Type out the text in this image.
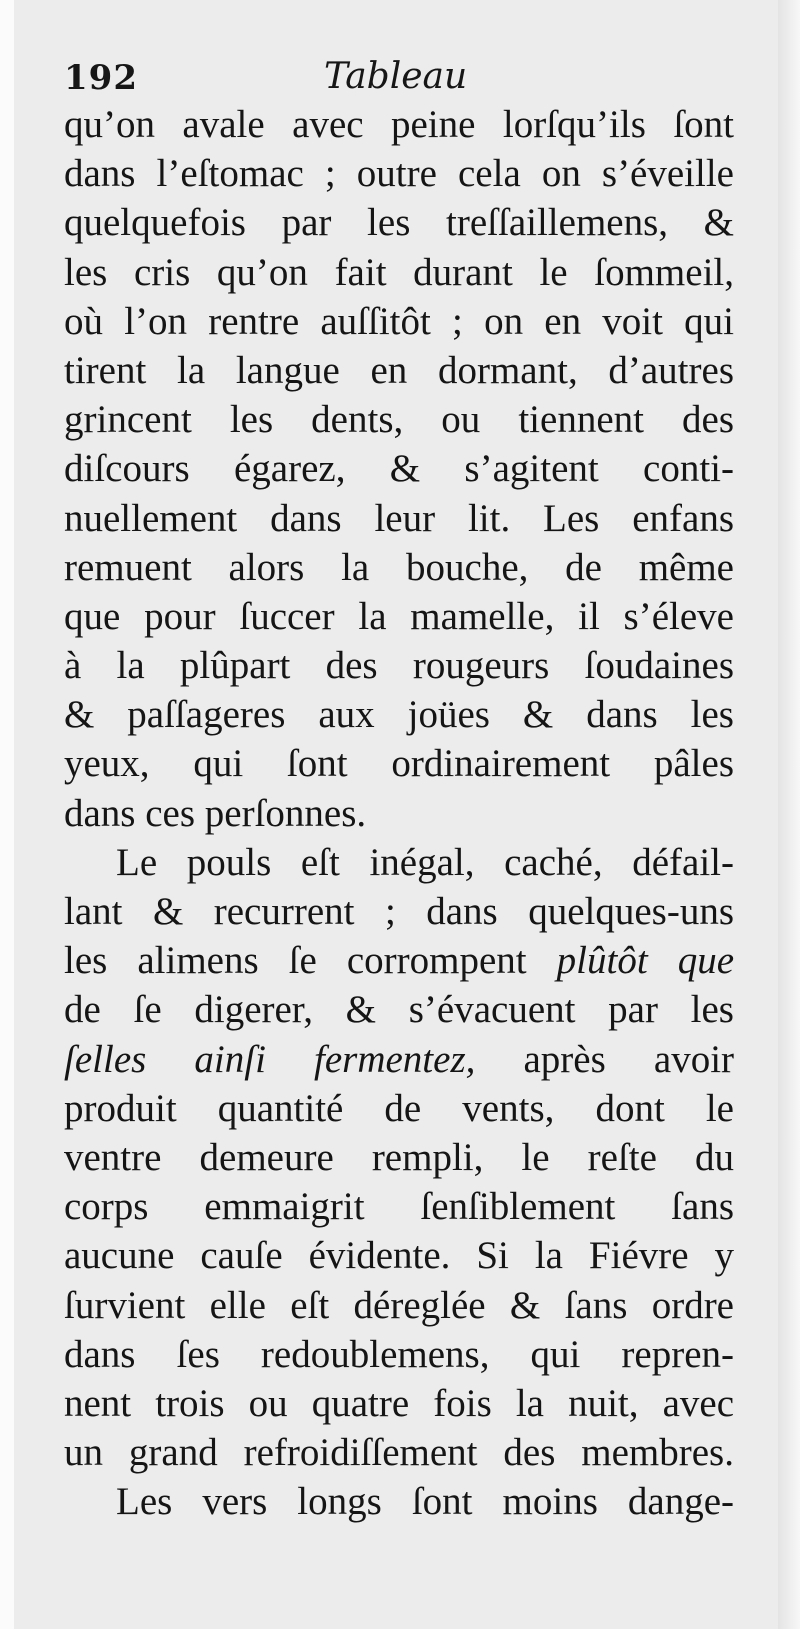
192	Tableau
qu’on avale avec peine lorſqu’ils ſont
dans l’eſtomac ; outre cela on s’éveille
quelquefois par les treſſaillemens, &
les cris qu’on fait durant le ſommeil,
où l’on rentre auſſitôt ; on en voit qui
tirent la langue en dormant, d’autres
grincent les dents, ou tiennent des
diſcours égarez, & s’agitent conti-
nuellement dans leur lit. Les enfans
remuent alors la bouche, de même
que pour ſuccer la mamelle, il s’éleve
à la plûpart des rougeurs ſoudaines
& paſſageres aux joües & dans les
yeux, qui ſont ordinairement pâles
dans ces perſonnes.
Le pouls eſt inégal, caché, défail-
lant & recurrent ; dans quelques-uns
les alimens ſe corrompent plûtôt que
de ſe digerer, & s’évacuent par les
ſelles ainſi fermentez, après avoir
produit quantité de vents, dont le
ventre demeure rempli, le reſte du
corps emmaigrit ſenſiblement ſans
aucune cauſe évidente. Si la Fiévre y
ſurvient elle eſt déreglée & ſans ordre
dans ſes redoublemens, qui repren-
nent trois ou quatre fois la nuit, avec
un grand refroidiſſement des membres.
Les vers longs ſont moins dange-
